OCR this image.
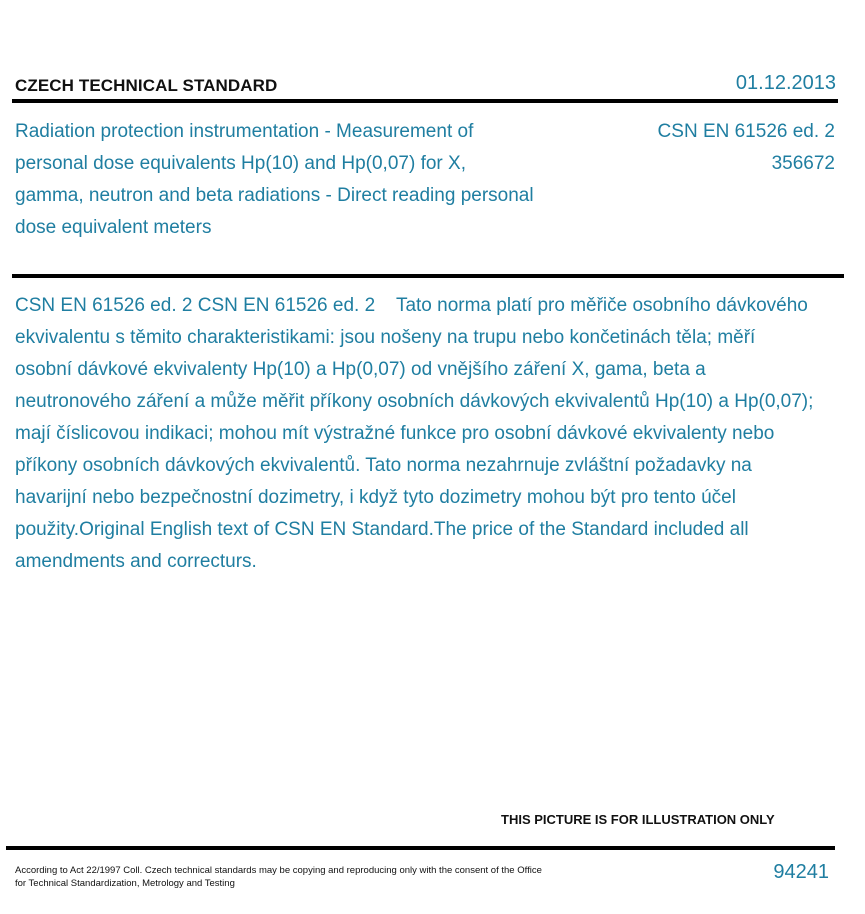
CZECH TECHNICAL STANDARD	01.12.2013
Radiation protection instrumentation - Measurement of personal dose equivalents Hp(10) and Hp(0,07) for X, gamma, neutron and beta radiations - Direct reading personal dose equivalent meters
CSN EN 61526 ed. 2
356672
CSN EN 61526 ed. 2 CSN EN 61526 ed. 2    Tato norma platí pro měřiče osobního dávkového ekvivalentu s těmito charakteristikami: jsou nošeny na trupu nebo končetinách těla; měří osobní dávkové ekvivalenty Hp(10) a Hp(0,07) od vnějšího záření X, gama, beta a neutronového záření a může měřit příkony osobních dávkových ekvivalentů Hp(10) a Hp(0,07); mají číslicovou indikaci; mohou mít výstražné funkce pro osobní dávkové ekvivalenty nebo příkony osobních dávkových ekvivalentů. Tato norma nezahrnuje zvláštní požadavky na havarijní nebo bezpečnostní dozimetry, i když tyto dozimetry mohou být pro tento účel použity.Original English text of CSN EN Standard.The price of the Standard included all amendments and correcturs.
THIS PICTURE IS FOR ILLUSTRATION ONLY
According to Act 22/1997 Coll. Czech technical standards may be copying and reproducing only with the consent of the Office
for Technical Standardization, Metrology and Testing
94241
